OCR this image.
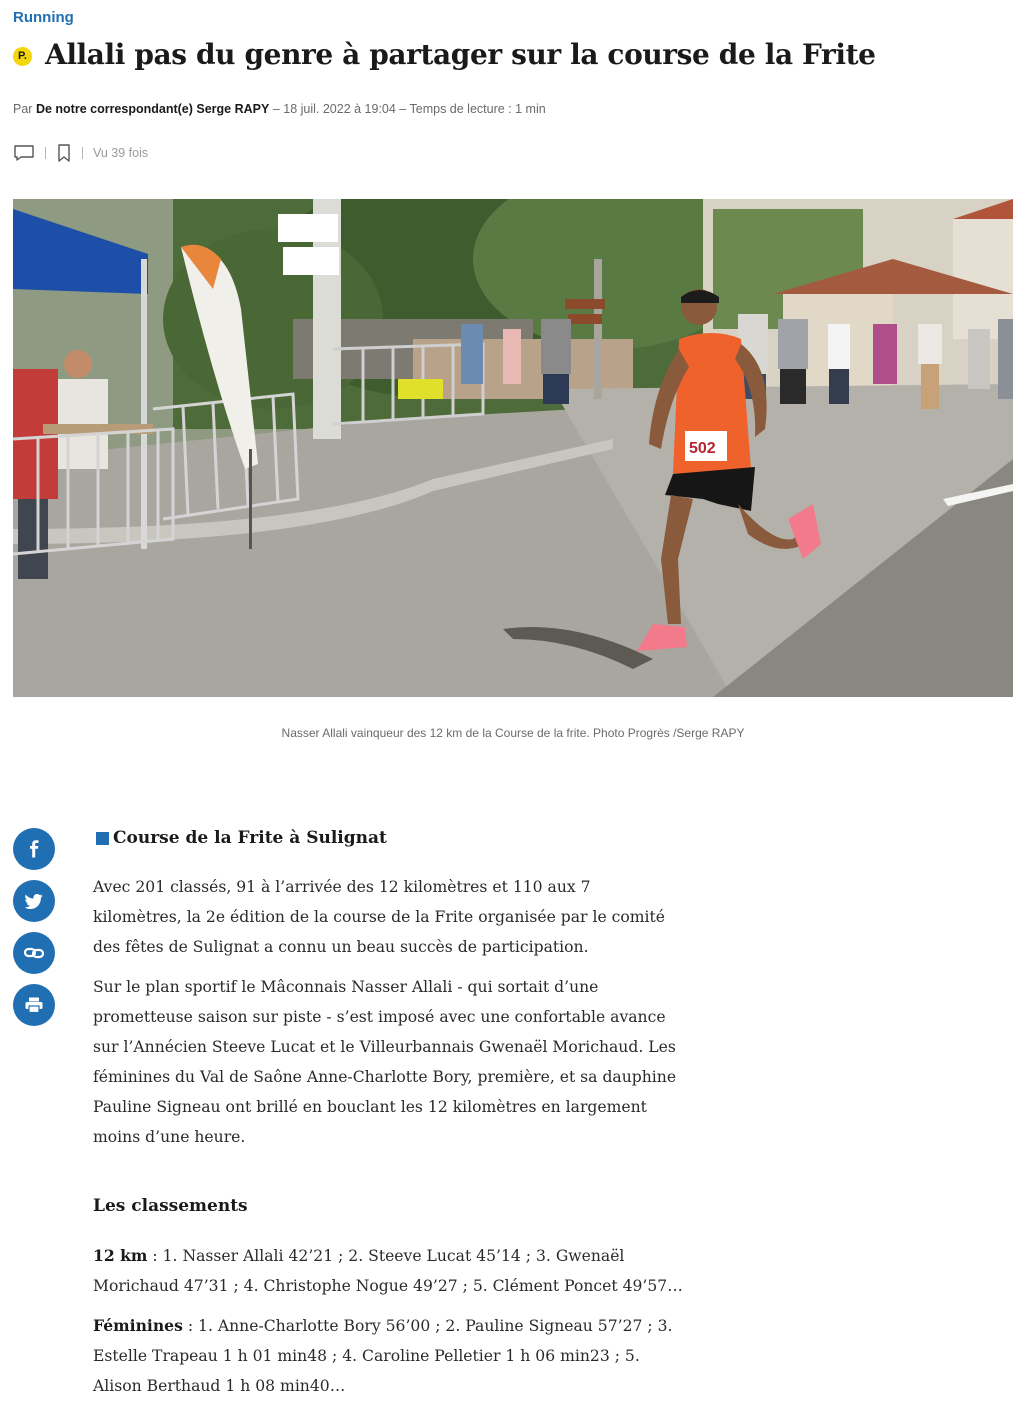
Running
P. Allali pas du genre à partager sur la course de la Frite
Par De notre correspondant(e) Serge RAPY – 18 juil. 2022 à 19:04 – Temps de lecture : 1 min
Vu 39 fois
502
Nasser Allali vainqueur des 12 km de la Course de la frite. Photo Progrès /Serge RAPY
Course de la Frite à Sulignat

Avec 201 classés, 91 à l’arrivée des 12 kilomètres et 110 aux 7 kilomètres, la 2e édition de la course de la Frite organisée par le comité des fêtes de Sulignat a connu un beau succès de participation.

Sur le plan sportif le Mâconnais Nasser Allali - qui sortait d’une prometteuse saison sur piste - s’est imposé avec une confortable avance sur l’Annécien Steeve Lucat et le Villeurbannais Gwenaël Morichaud. Les féminines du Val de Saône Anne-Charlotte Bory, première, et sa dauphine Pauline Signeau ont brillé en bouclant les 12 kilomètres en largement moins d’une heure.

Les classements

12 km : 1. Nasser Allali 42’21 ; 2. Steeve Lucat 45’14 ; 3. Gwenaël Morichaud 47’31 ; 4. Christophe Nogue 49’27 ; 5. Clément Poncet 49’57…

Féminines : 1. Anne-Charlotte Bory 56’00 ; 2. Pauline Signeau 57’27 ; 3. Estelle Trapeau 1 h 01 min48 ; 4. Caroline Pelletier 1 h 06 min23 ; 5. Alison Berthaud 1 h 08 min40…
